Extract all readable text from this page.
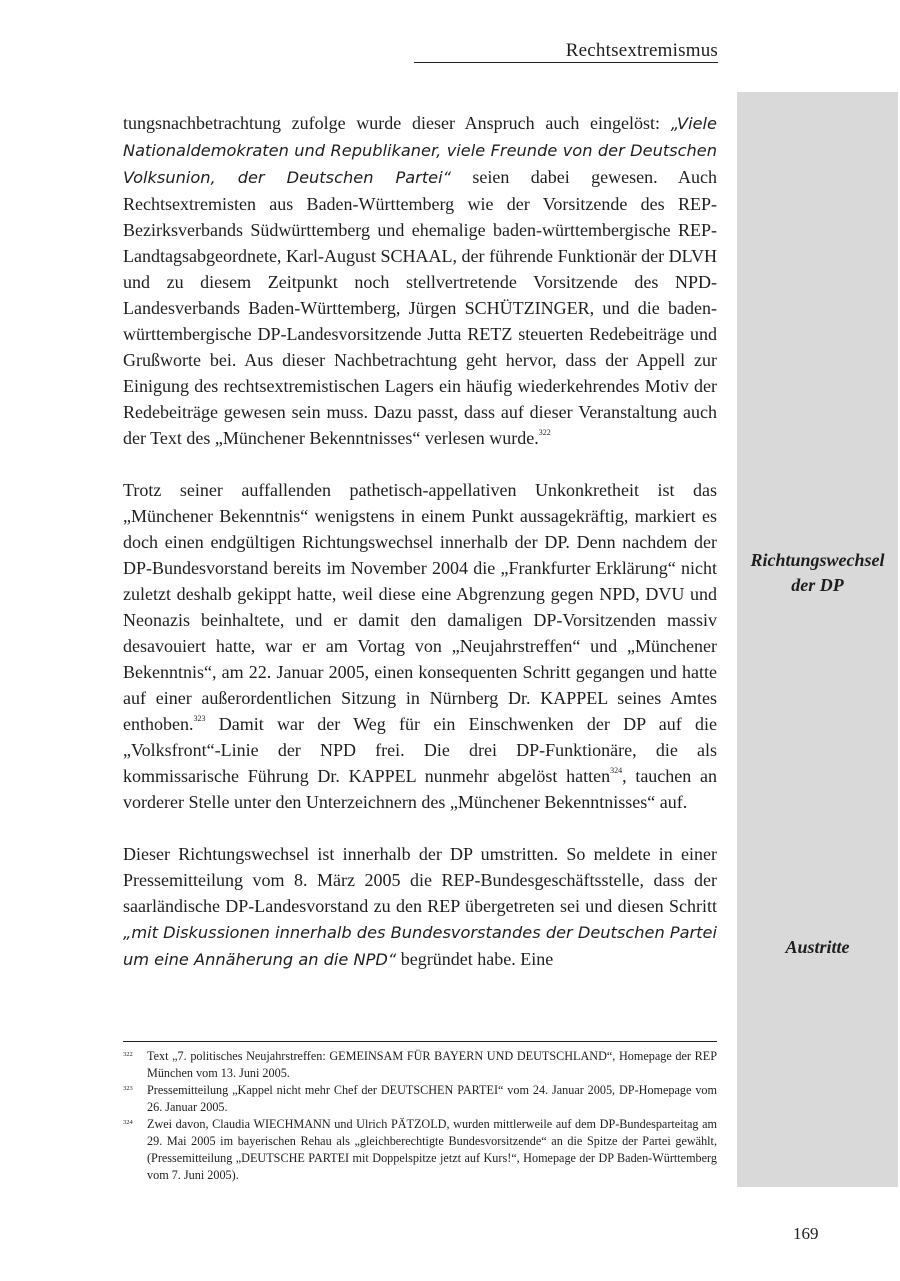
Rechtsextremismus
Richtungswechsel der DP
Austritte

tungsnachbetrachtung zufolge wurde dieser Anspruch auch eingelöst: „Viele Nationaldemokraten und Republikaner, viele Freunde von der Deutschen Volksunion, der Deutschen Partei“ seien dabei gewesen. Auch Rechtsextremisten aus Baden-Württemberg wie der Vorsitzende des REP-Bezirksverbands Südwürttemberg und ehemalige baden-württembergische REP-Landtagsabgeordnete, Karl-August SCHAAL, der führende Funktionär der DLVH und zu diesem Zeitpunkt noch stellvertretende Vorsitzende des NPD-Landesverbands Baden-Württemberg, Jürgen SCHÜTZINGER, und die baden-württembergische DP-Landesvorsitzende Jutta RETZ steuerten Redebeiträge und Grußworte bei. Aus dieser Nachbetrachtung geht hervor, dass der Appell zur Einigung des rechtsextremistischen Lagers ein häufig wiederkehrendes Motiv der Redebeiträge gewesen sein muss. Dazu passt, dass auf dieser Veranstaltung auch der Text des „Münchener Bekenntnisses“ verlesen wurde.$^{322}$

Trotz seiner auffallenden pathetisch-appellativen Unkonkretheit ist das „Münchener Bekenntnis“ wenigstens in einem Punkt aussagekräftig, markiert es doch einen endgültigen Richtungswechsel innerhalb der DP. Denn nachdem der DP-Bundesvorstand bereits im November 2004 die „Frankfurter Erklärung“ nicht zuletzt deshalb gekippt hatte, weil diese eine Abgrenzung gegen NPD, DVU und Neonazis beinhaltete, und er damit den damaligen DP-Vorsitzenden massiv desavouiert hatte, war er am Vortag von „Neujahrstreffen“ und „Münchener Bekenntnis“, am 22. Januar 2005, einen konsequenten Schritt gegangen und hatte auf einer außerordentlichen Sitzung in Nürnberg Dr. KAPPEL seines Amtes enthoben.$^{323}$ Damit war der Weg für ein Einschwenken der DP auf die „Volksfront“-Linie der NPD frei. Die drei DP-Funktionäre, die als kommissarische Führung Dr. KAPPEL nunmehr abgelöst hatten$^{324}$, tauchen an vorderer Stelle unter den Unterzeichnern des „Münchener Bekenntnisses“ auf.

Dieser Richtungswechsel ist innerhalb der DP umstritten. So meldete in einer Pressemitteilung vom 8. März 2005 die REP-Bundesgeschäftsstelle, dass der saarländische DP-Landesvorstand zu den REP übergetreten sei und diesen Schritt „mit Diskussionen innerhalb des Bundesvorstandes der Deutschen Partei um eine Annäherung an die NPD“ begründet habe. Eine

322	Text „7. politisches Neujahrstreffen: GEMEINSAM FÜR BAYERN UND DEUTSCHLAND“, Homepage der REP München vom 13. Juni 2005.
323	Pressemitteilung „Kappel nicht mehr Chef der DEUTSCHEN PARTEI“ vom 24. Januar 2005, DP-Homepage vom 26. Januar 2005.
324	Zwei davon, Claudia WIECHMANN und Ulrich PÄTZOLD, wurden mittlerweile auf dem DP-Bundesparteitag am 29. Mai 2005 im bayerischen Rehau als „gleichberechtigte Bundesvorsitzende“ an die Spitze der Partei gewählt, (Pressemitteilung „DEUTSCHE PARTEI mit Doppelspitze jetzt auf Kurs!“, Homepage der DP Baden-Württemberg vom 7. Juni 2005).
169
